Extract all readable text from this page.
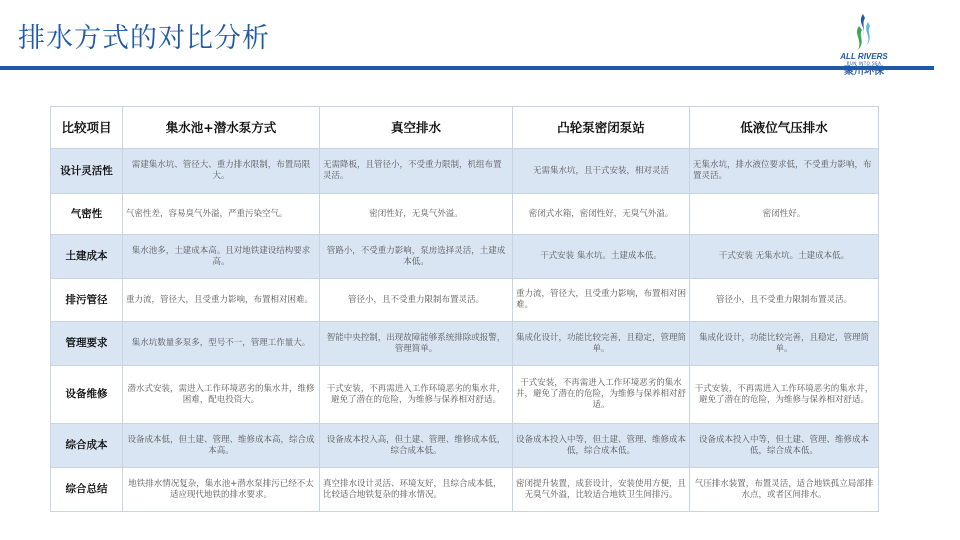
排水方式的对比分析
ALL RIVERS
RUN INTO SEA
聚川环保
比较项目	集水池+潜水泵方式	真空排水	凸轮泵密闭泵站	低液位气压排水
设计灵活性	需建集水坑、管径大、重力排水限制，布置局限大。	无需降板，且管径小，不受重力限制，机组布置灵活。	无需集水坑，且干式安装，相对灵活	无集水坑，排水液位要求低，不受重力影响，布置灵活。
气密性	气密性差，容易臭气外溢，严重污染空气。	密闭性好，无臭气外溢。	密闭式水箱，密闭性好，无臭气外溢。	密闭性好。
土建成本	集水池多，土建成本高。且对地铁建设结构要求高。	管路小，不受重力影响，泵房选择灵活，土建成本低。	干式安装 集水坑。土建成本低。	干式安装 无集水坑。土建成本低。
排污管径	重力流，管径大，且受重力影响，布置相对困难。	管径小，且不受重力限制布置灵活。	重力流，管径大，且受重力影响，布置相对困难。	管径小，且不受重力限制布置灵活。
管理要求	集水坑数量多泵多，型号不一，管理工作量大。	智能中央控制，出现故障能够系统排除或报警，管理简单。	集成化设计，功能比较完善，且稳定，管理简单。	集成化设计，功能比较完善，且稳定，管理简单。
设备维修	潜水式安装，需进入工作环境恶劣的集水井，维修困难，配电投资大。	干式安装，不再需进入工作环境恶劣的集水井，避免了潜在的危险，为维修与保养相对舒适。	干式安装，不再需进入工作环境恶劣的集水井，避免了潜在的危险，为维修与保养相对舒适。	干式安装，不再需进入工作环境恶劣的集水井，避免了潜在的危险，为维修与保养相对舒适。
综合成本	设备成本低，但土建、管理、维修成本高，综合成本高。	设备成本投入高，但土建、管理、维修成本低，综合成本低。	设备成本投入中等，但土建、管理、维修成本低，综合成本低。	设备成本投入中等，但土建、管理、维修成本低，综合成本低。
综合总结	地铁排水情况复杂，集水池+潜水泵排污已经不太适应现代地铁的排水要求。	真空排水设计灵活、环境友好，且综合成本低，比较适合地铁复杂的排水情况。	密闭提升装置，成套设计，安装使用方便，且无臭气外溢，比较适合地铁卫生间排污。	气压排水装置，布置灵活，适合地铁孤立局部排水点，或者区间排水。
